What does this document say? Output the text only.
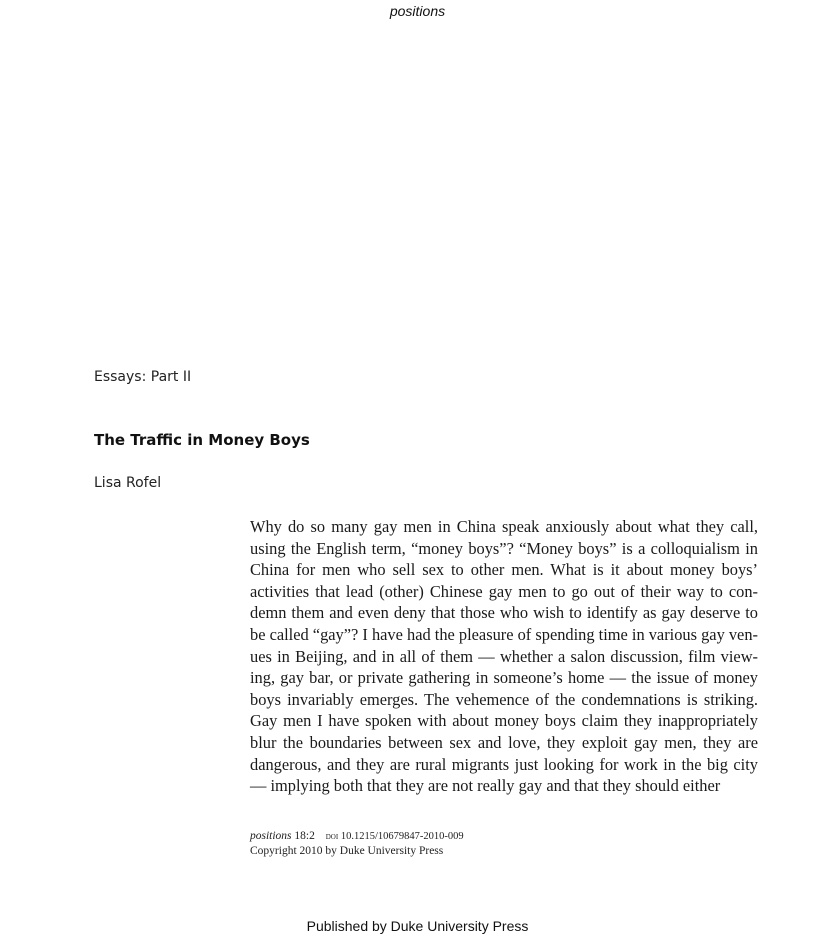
positions
Essays: Part II
The Traffic in Money Boys
Lisa Rofel

Why do so many gay men in China speak anxiously about what they call, using the English term, “money boys”? “Money boys” is a colloquialism in China for men who sell sex to other men. What is it about money boys’ activities that lead (other) Chinese gay men to go out of their way to con-demn them and even deny that those who wish to identify as gay deserve to be called “gay”? I have had the pleasure of spending time in various gay ven-ues in Beijing, and in all of them — whether a salon discussion, film view-ing, gay bar, or private gathering in someone’s home — the issue of money boys invariably emerges. The vehemence of the condemnations is striking. Gay men I have spoken with about money boys claim they inappropriately blur the boundaries between sex and love, they exploit gay men, they are dangerous, and they are rural migrants just looking for work in the big city — implying both that they are not really gay and that they should either

positions 18:2 doi 10.1215/10679847-2010-009
Copyright 2010 by Duke University Press
Published by Duke University Press
